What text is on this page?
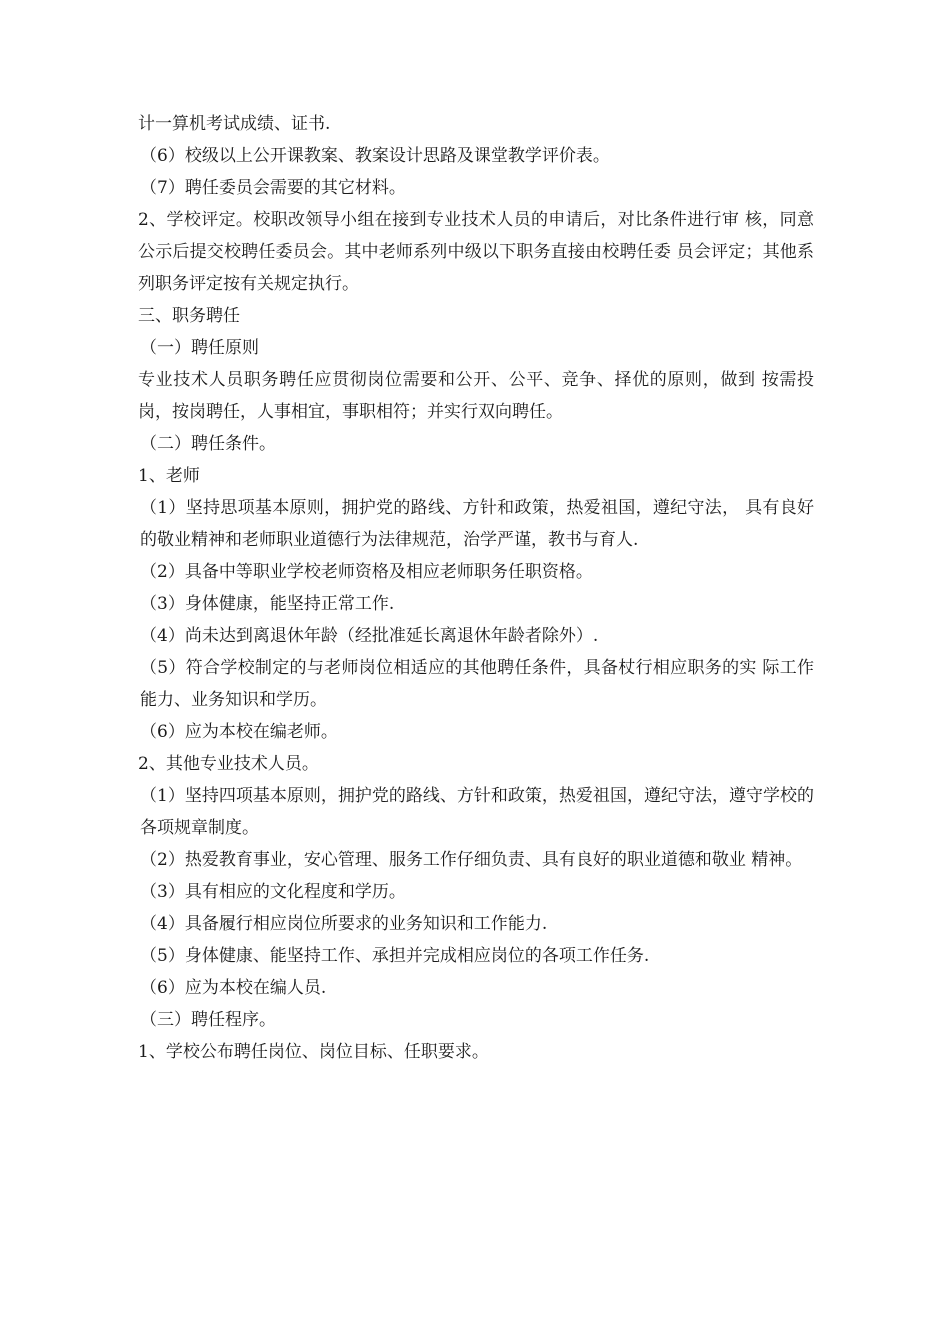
计一算机考试成绩、证书.

（6）校级以上公开课教案、教案设计思路及课堂教学评价表。

（7）聘任委员会需要的其它材料。

2、学校评定。校职改领导小组在接到专业技术人员的申请后，对比条件进行审 核，同意公示后提交校聘任委员会。其中老师系列中级以下职务直接由校聘任委 员会评定；其他系列职务评定按有关规定执行。

三、职务聘任

（一）聘任原则

专业技术人员职务聘任应贯彻岗位需要和公开、公平、竞争、择优的原则，做到 按需投岗，按岗聘任，人事相宜，事职相符；并实行双向聘任。

（二）聘任条件。

1、老师

（1）坚持思项基本原则，拥护党的路线、方针和政策，热爱祖国，遵纪守法， 具有良好的敬业精神和老师职业道德行为法律规范，治学严谨，教书与育人.

（2）具备中等职业学校老师资格及相应老师职务任职资格。

（3）身体健康，能坚持正常工作.

（4）尚未达到离退休年龄（经批准延长离退休年龄者除外）.

（5）符合学校制定的与老师岗位相适应的其他聘任条件，具备杖行相应职务的实 际工作能力、业务知识和学历。

（6）应为本校在编老师。

2、其他专业技术人员。

（1）坚持四项基本原则，拥护党的路线、方针和政策，热爱祖国，遵纪守法，遵守学校的各项规章制度。

（2）热爱教育事业，安心管理、服务工作仔细负责、具有良好的职业道德和敬业 精神。

（3）具有相应的文化程度和学历。

（4）具备履行相应岗位所要求的业务知识和工作能力.

（5）身体健康、能坚持工作、承担并完成相应岗位的各项工作任务.

（6）应为本校在编人员.

（三）聘任程序。

1、学校公布聘任岗位、岗位目标、任职要求。
